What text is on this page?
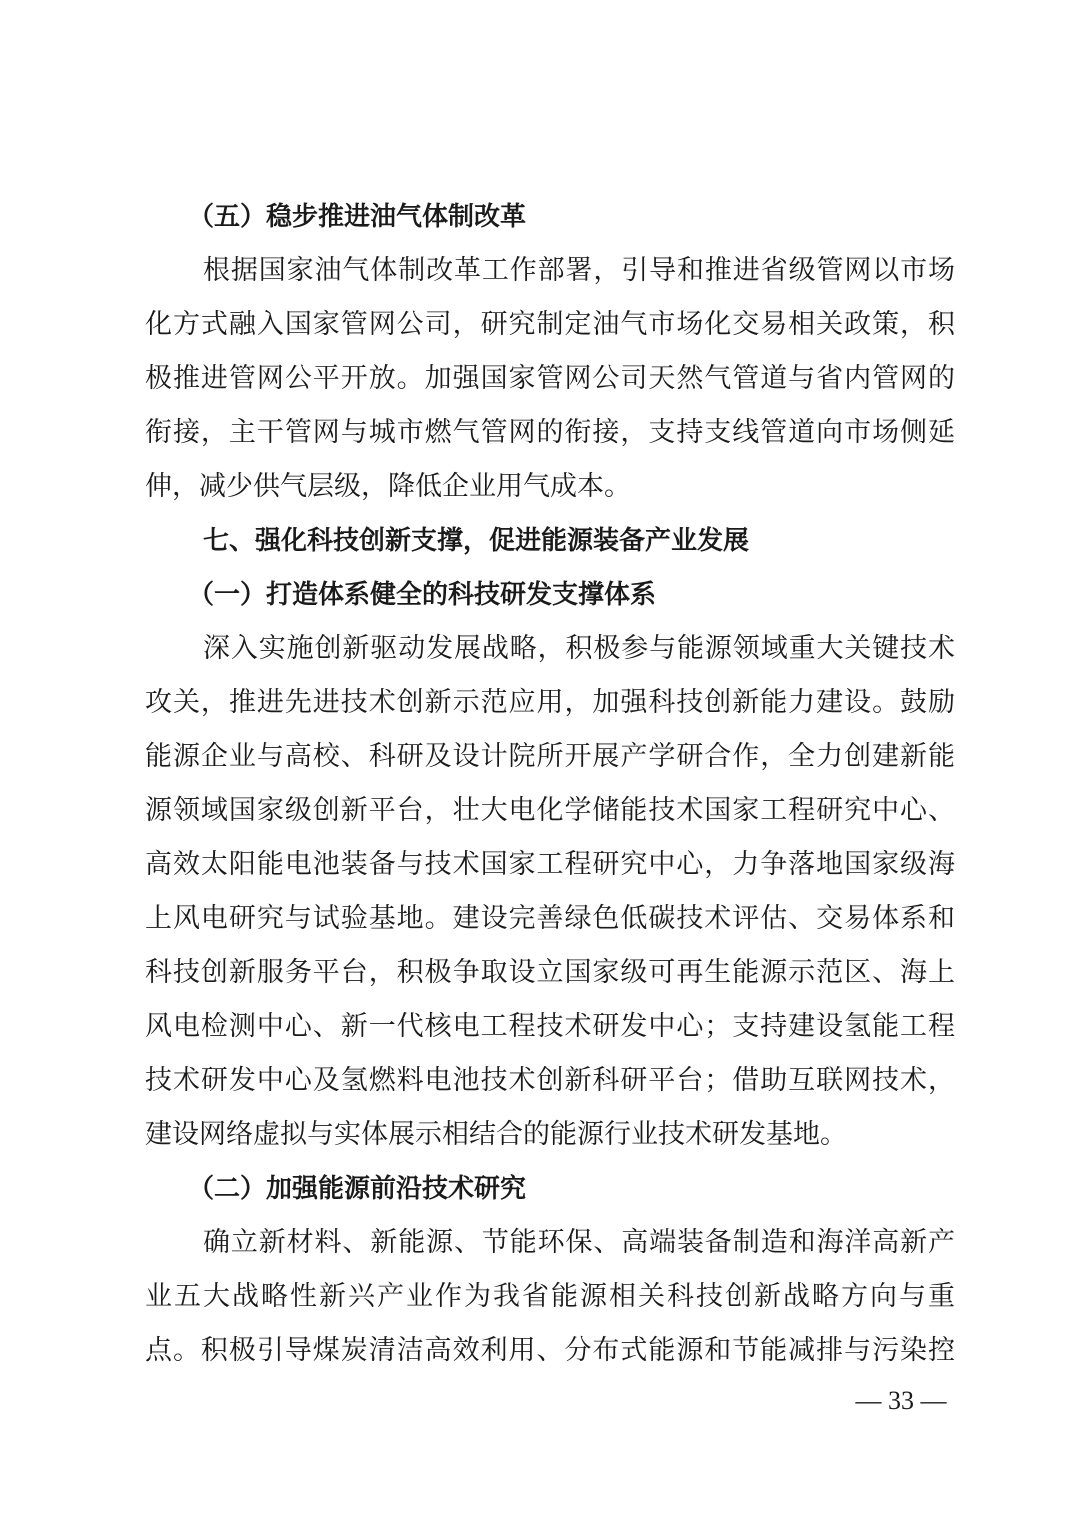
（五）稳步推进油气体制改革
根据国家油气体制改革工作部署，引导和推进省级管网以市场
化方式融入国家管网公司，研究制定油气市场化交易相关政策，积
极推进管网公平开放。加强国家管网公司天然气管道与省内管网的
衔接，主干管网与城市燃气管网的衔接，支持支线管道向市场侧延
伸，减少供气层级，降低企业用气成本。
七、强化科技创新支撑，促进能源装备产业发展
（一）打造体系健全的科技研发支撑体系
深入实施创新驱动发展战略，积极参与能源领域重大关键技术
攻关，推进先进技术创新示范应用，加强科技创新能力建设。鼓励
能源企业与高校、科研及设计院所开展产学研合作，全力创建新能
源领域国家级创新平台，壮大电化学储能技术国家工程研究中心、
高效太阳能电池装备与技术国家工程研究中心，力争落地国家级海
上风电研究与试验基地。建设完善绿色低碳技术评估、交易体系和
科技创新服务平台，积极争取设立国家级可再生能源示范区、海上
风电检测中心、新一代核电工程技术研发中心；支持建设氢能工程
技术研发中心及氢燃料电池技术创新科研平台；借助互联网技术，
建设网络虚拟与实体展示相结合的能源行业技术研发基地。
（二）加强能源前沿技术研究
确立新材料、新能源、节能环保、高端装备制造和海洋高新产
业五大战略性新兴产业作为我省能源相关科技创新战略方向与重
点。积极引导煤炭清洁高效利用、分布式能源和节能减排与污染控
— 33 —
